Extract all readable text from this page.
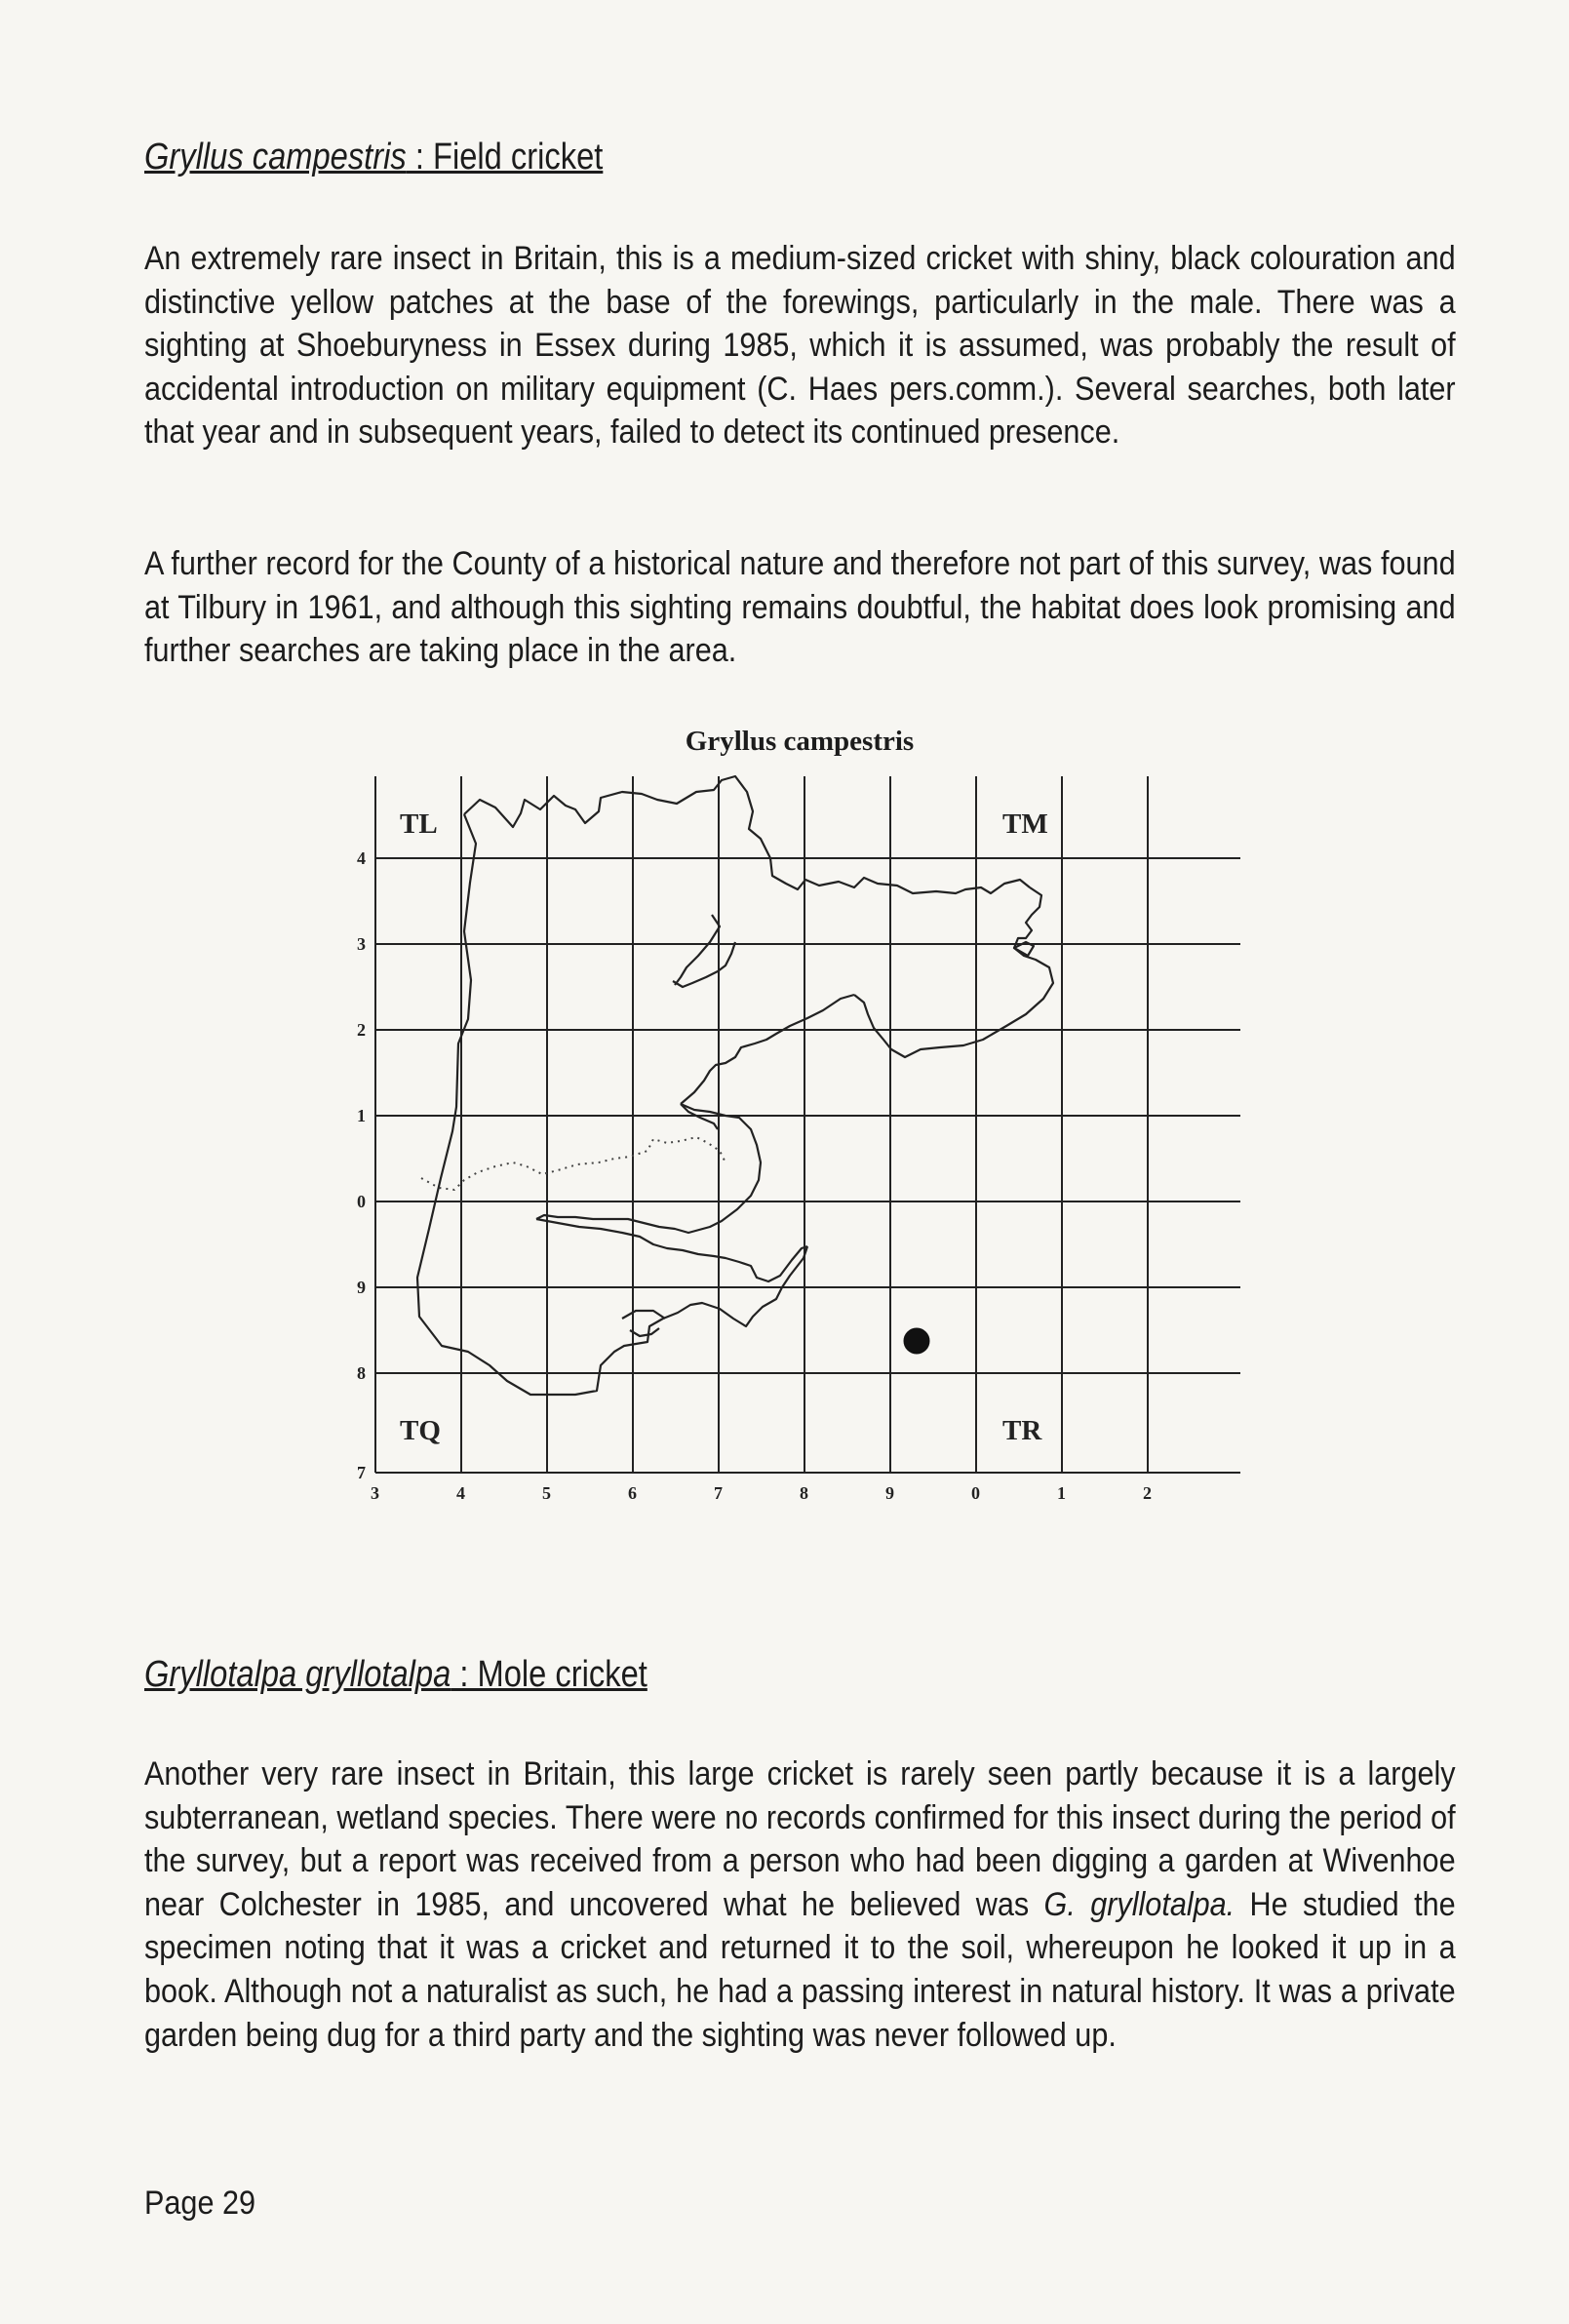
Gryllus campestris : Field cricket

An extremely rare insect in Britain, this is a medium-sized cricket with shiny, black colouration and distinctive yellow patches at the base of the forewings, particularly in the male. There was a sighting at Shoeburyness in Essex during 1985, which it is assumed, was probably the result of accidental introduction on military equipment (C. Haes pers.comm.). Several searches, both later that year and in subsequent years, failed to detect its continued presence.

A further record for the County of a historical nature and therefore not part of this survey, was found at Tilbury in 1961, and although this sighting remains doubtful, the habitat does look promising and further searches are taking place in the area.

Gryllus campestris
TL	TM
TQ	TR
3	4	5	6	7	8	9	0	1	2
4
3
2
1
0
9
8
7
Gryllotalpa gryllotalpa : Mole cricket

Another very rare insect in Britain, this large cricket is rarely seen partly because it is a largely subterranean, wetland species. There were no records confirmed for this insect during the period of the survey, but a report was received from a person who had been digging a garden at Wivenhoe near Colchester in 1985, and uncovered what he believed was G. gryllotalpa. He studied the specimen noting that it was a cricket and returned it to the soil, whereupon he looked it up in a book. Although not a naturalist as such, he had a passing interest in natural history. It was a private garden being dug for a third party and the sighting was never followed up.

Page 29
